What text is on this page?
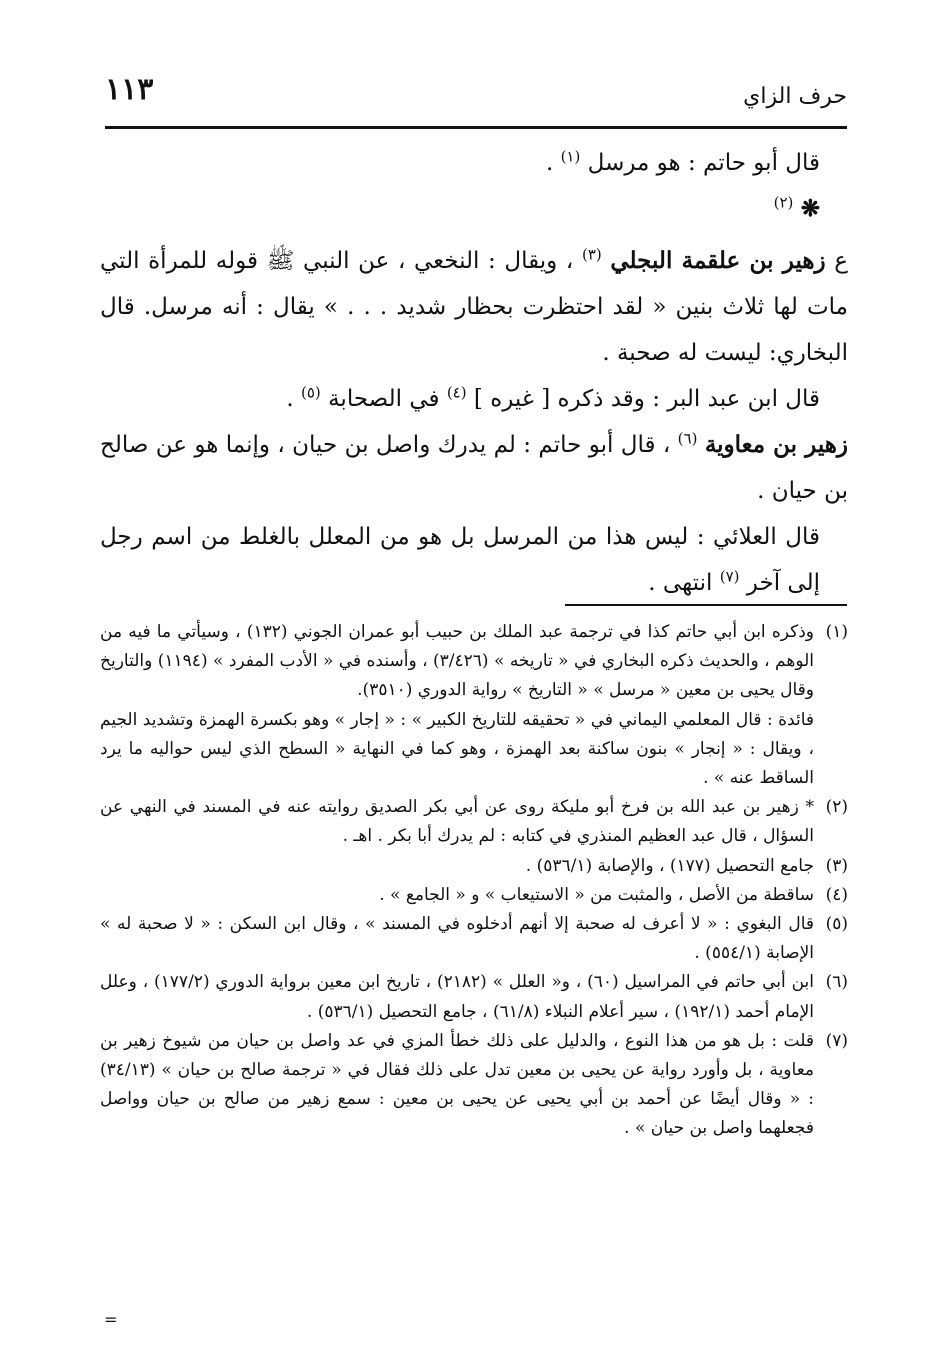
١١٣	حرف الزاي

قال أبو حاتم : هو مرسل $^{(١)}$ .

❋ $^{(٢)}$

ع زهير بن علقمة البجلي $^{(٣)}$ ، ويقال : النخعي ، عن النبي ﷺ قوله للمرأة التي مات لها ثلاث بنين « لقد احتظرت بحظار شديد . . . » يقال : أنه مرسل. قال البخاري: ليست له صحبة .

قال ابن عبد البر : وقد ذكره [ غيره ] $^{(٤)}$ في الصحابة $^{(٥)}$ .

زهير بن معاوية $^{(٦)}$ ، قال أبو حاتم : لم يدرك واصل بن حيان ، وإنما هو عن صالح بن حيان .

قال العلائي : ليس هذا من المرسل بل هو من المعلل بالغلط من اسم رجل إلى آخر $^{(٧)}$ انتهى .

(١)
وذكره ابن أبي حاتم كذا في ترجمة عبد الملك بن حبيب أبو عمران الجوني (١٣٢) ، وسيأتي ما فيه من الوهم ، والحديث ذكره البخاري في « تاريخه » (٣/٤٢٦) ، وأسنده في « الأدب المفرد » (١١٩٤) والتاريخ وقال يحيى بن معين « مرسل » « التاريخ » رواية الدوري (٣٥١٠).

فائدة : قال المعلمي اليماني في « تحقيقه للتاريخ الكبير » : « إجار » وهو بكسرة الهمزة وتشديد الجيم ، ويقال : « إنجار » بنون ساكنة بعد الهمزة ، وهو كما في النهاية « السطح الذي ليس حواليه ما يرد الساقط عنه » .

(٢)
* زهير بن عبد الله بن فرخ أبو مليكة روى عن أبي بكر الصديق روايته عنه في المسند في النهي عن السؤال ، قال عبد العظيم المنذري في كتابه : لم يدرك أبا بكر . اهـ .

(٣)
جامع التحصيل (١٧٧) ، والإصابة (٥٣٦/١) .

(٤)
ساقطة من الأصل ، والمثبت من « الاستيعاب » و « الجامع » .

(٥)
قال البغوي : « لا أعرف له صحبة إلا أنهم أدخلوه في المسند » ، وقال ابن السكن : « لا صحبة له » الإصابة (٥٥٤/١) .

(٦)
ابن أبي حاتم في المراسيل (٦٠) ، و« العلل » (٢١٨٢) ، تاريخ ابن معين برواية الدوري (١٧٧/٢) ، وعلل الإمام أحمد (١٩٢/١) ، سير أعلام النبلاء (٦١/٨) ، جامع التحصيل (٥٣٦/١) .

(٧)
قلت : بل هو من هذا النوع ، والدليل على ذلك خطأ المزي في عد واصل بن حيان من شيوخ زهير بن معاوية ، بل وأورد رواية عن يحيى بن معين تدل على ذلك فقال في « ترجمة صالح بن حيان » (٣٤/١٣) : « وقال أيضًا عن أحمد بن أبي يحيى عن يحيى بن معين : سمع زهير من صالح بن حيان وواصل فجعلهما واصل بن حيان » .

=
